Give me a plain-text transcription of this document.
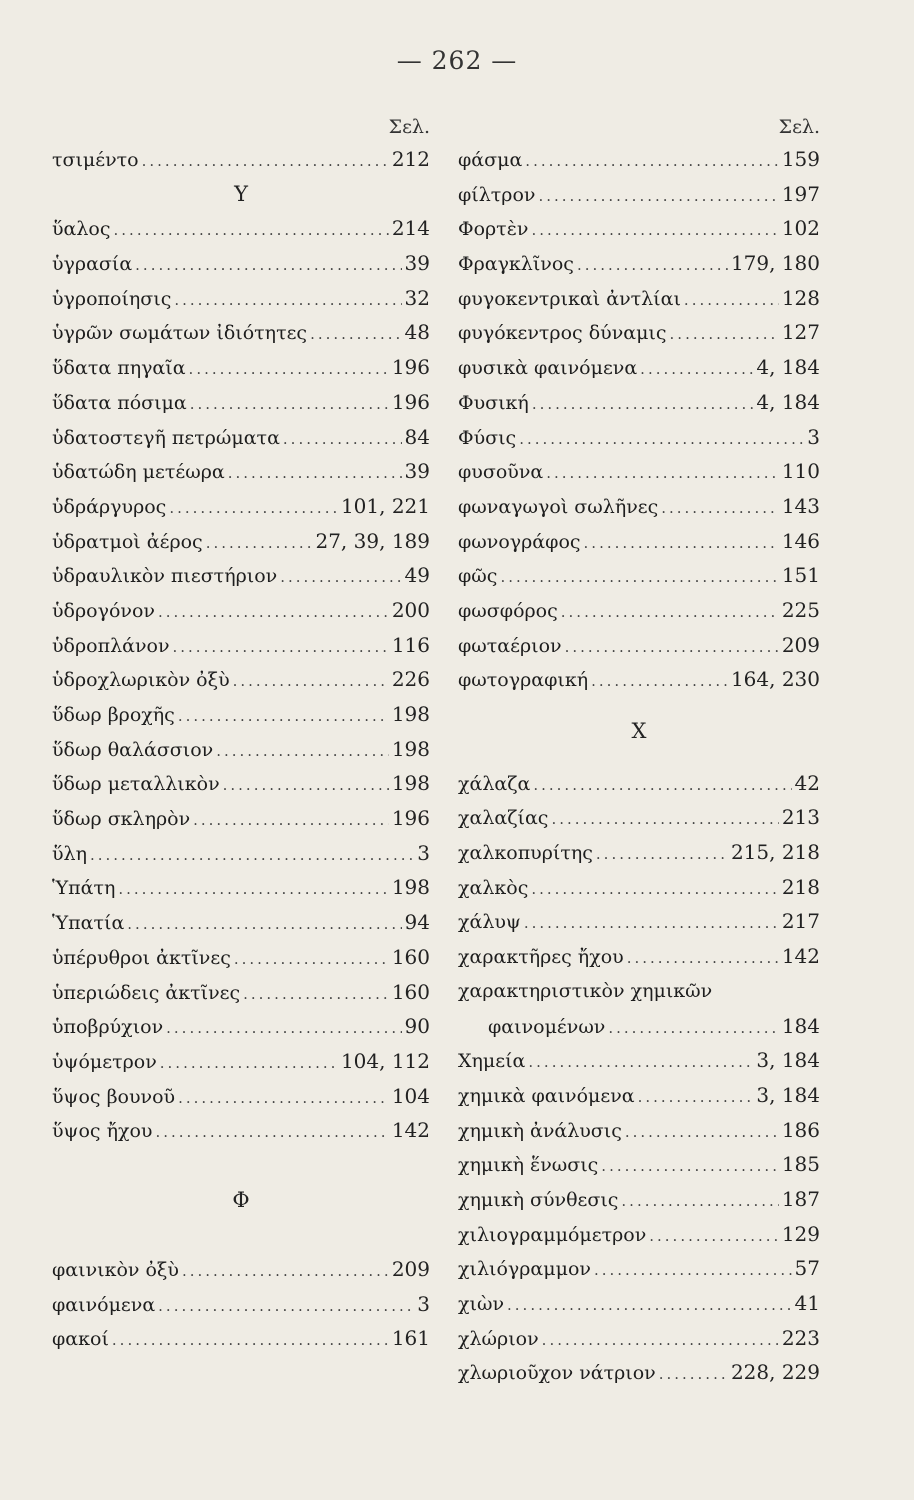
— 262 —
Σελ.
τσιμέντο .....	212
Υ
ὕαλος .....	214
ὑγρασία .....	39
ὑγροποίησις .....	32
ὑγρῶν σωμάτων ἰδιότητες .....	48
ὕδατα πηγαῖα .....	196
ὕδατα πόσιμα .....	196
ὑδατοστεγῆ πετρώματα .....	84
ὑδατώδη μετέωρα .....	39
ὑδράργυρος .....	101, 221
ὑδρατμοὶ ἀέρος .....	27, 39, 189
ὑδραυλικὸν πιεστήριον .....	49
ὑδρογόνον .....	200
ὑδροπλάνον .....	116
ὑδροχλωρικὸν ὀξὺ .....	226
ὕδωρ βροχῆς .....	198
ὕδωρ θαλάσσιον .....	198
ὕδωρ μεταλλικὸν .....	198
ὕδωρ σκληρὸν .....	196
ὕλη .....	3
Ὑπάτη .....	198
Ὑπατία .....	94
ὑπέρυθροι ἀκτῖνες .....	160
ὑπεριώδεις ἀκτῖνες .....	160
ὑποβρύχιον .....	90
ὑψόμετρον .....	104, 112
ὕψος βουνοῦ .....	104
ὕψος ἤχου .....	142
Φ
φαινικὸν ὀξὺ .....	209
φαινόμενα .....	3
φακοί .....	161
Σελ.
φάσμα .....	159
φίλτρον .....	197
Φορτὲν .....	102
Φραγκλῖνος .....	179, 180
φυγοκεντρικαὶ ἀντλίαι .....	128
φυγόκεντρος δύναμις .....	127
φυσικὰ φαινόμενα .....	4, 184
Φυσική .....	4, 184
Φύσις .....	3
φυσοῦνα .....	110
φωναγωγοὶ σωλῆνες .....	143
φωνογράφος .....	146
φῶς .....	151
φωσφόρος .....	225
φωταέριον .....	209
φωτογραφική .....	164, 230
Χ
χάλαζα .....	42
χαλαζίας .....	213
χαλκοπυρίτης .....	215, 218
χαλκὸς .....	218
χάλυψ .....	217
χαρακτῆρες ἤχου .....	142
χαρακτηριστικὸν χημικῶν
φαινομένων .....	184
Χημεία .....	3, 184
χημικὰ φαινόμενα .....	3, 184
χημικὴ ἀνάλυσις .....	186
χημικὴ ἕνωσις .....	185
χημικὴ σύνθεσις .....	187
χιλιογραμμόμετρον .....	129
χιλιόγραμμον .....	57
χιὼν .....	41
χλώριον .....	223
χλωριοῦχον νάτριον .....	228, 229
